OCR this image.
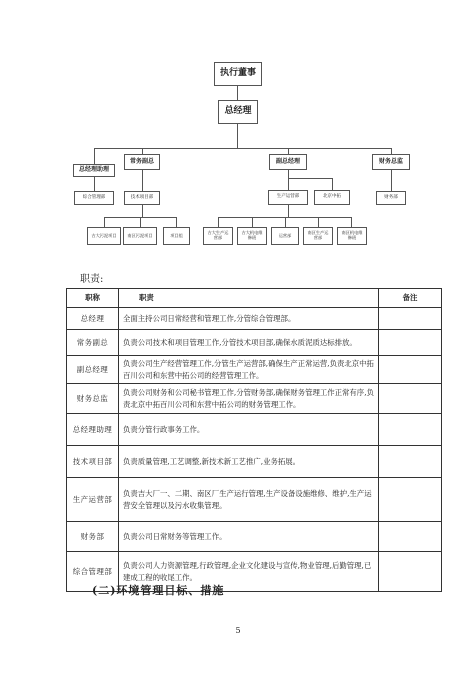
执行董事
总经理
总经理助理
常务副总	副总经理	财务总监
综合管理部	技术项目部	生产运营部	北京中拓	财务部
吉大污泥项目	南区污泥项目	项目组	吉大生产运营部
吉大机电维修班	运营部	南区生产运营部
南区机电维修班
职责:
职称	职责	备注
总经理	全面主持公司日常经营和管理工作,分管综合管理部。	
常务副总	负责公司技术和项目管理工作,分管技术项目部,确保水质泥质达标排放。	
副总经理	负责公司生产经营管理工作,分管生产运营部,确保生产正常运营,负责北京中拓百川公司和东营中拓公司的经营管理工作。	
财务总监	负责公司财务和公司秘书管理工作,分管财务部,确保财务管理工作正常有序,负责北京中拓百川公司和东营中拓公司的财务管理工作。	
总经理助理	负责分管行政事务工作。	
技术项目部	负责质量管理,工艺调整,新技术新工艺推广,业务拓展。	
生产运营部	负责吉大厂一、二期、南区厂生产运行管理,生产设备设施维修、维护,生产运营安全管理以及污水收集管理。	
财务部	负责公司日常财务等管理工作。	
综合管理部	负责公司人力资源管理,行政管理,企业文化建设与宣传,物业管理,后勤管理,已建成工程的收尾工作。	
(二)环境管理目标、措施
5
